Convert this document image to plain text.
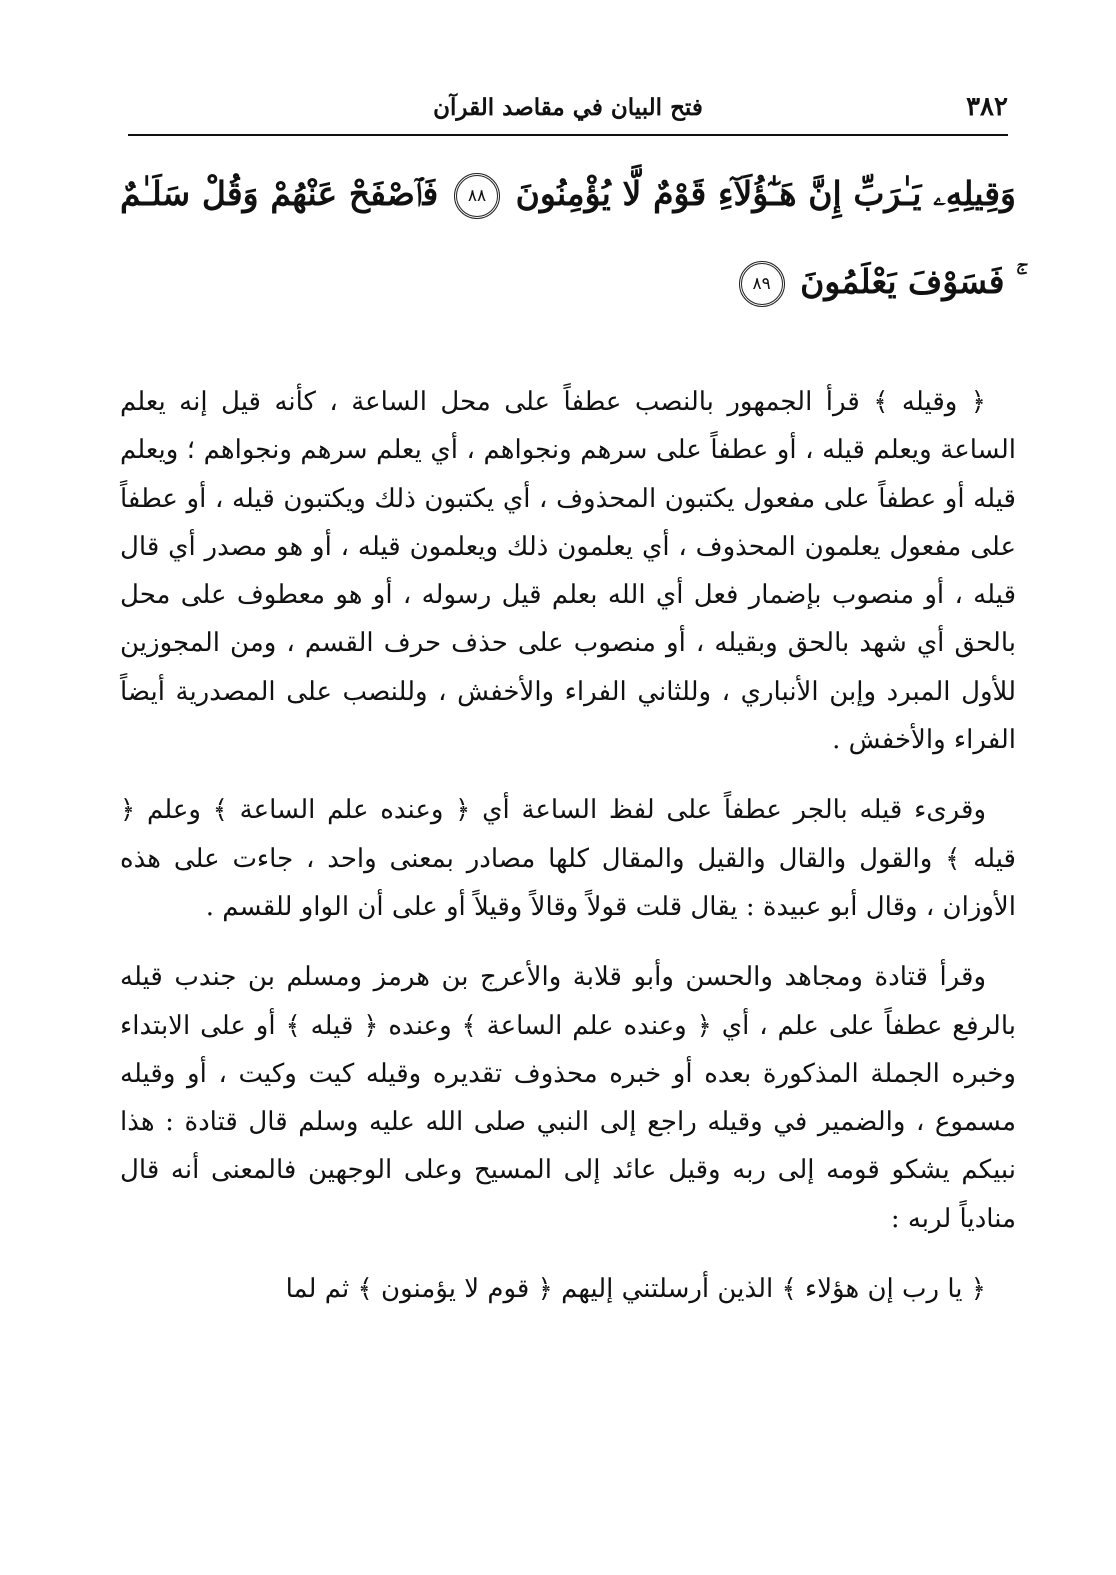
٣٨٢
فتح البيان في مقاصد القرآن
وَقِيلِهِۦ يَـٰرَبِّ إِنَّ هَـٰٓؤُلَآءِ قَوْمٌ لَّا يُؤْمِنُونَ ٨٨ فَٱصْفَحْ عَنْهُمْ وَقُلْ سَلَـٰمٌ ۚ فَسَوْفَ يَعْلَمُونَ ٨٩

﴿ وقيله ﴾ قرأ الجمهور بالنصب عطفاً على محل الساعة ، كأنه قيل إنه يعلم الساعة ويعلم قيله ، أو عطفاً على سرهم ونجواهم ، أي يعلم سرهم ونجواهم ؛ ويعلم قيله أو عطفاً على مفعول يكتبون المحذوف ، أي يكتبون ذلك ويكتبون قيله ، أو عطفاً على مفعول يعلمون المحذوف ، أي يعلمون ذلك ويعلمون قيله ، أو هو مصدر أي قال قيله ، أو منصوب بإضمار فعل أي الله بعلم قيل رسوله ، أو هو معطوف على محل بالحق أي شهد بالحق وبقيله ، أو منصوب على حذف حرف القسم ، ومن المجوزين للأول المبرد وإبن الأنباري ، وللثاني الفراء والأخفش ، وللنصب على المصدرية أيضاً الفراء والأخفش .

وقرىء قيله بالجر عطفاً على لفظ الساعة أي ﴿ وعنده علم الساعة ﴾ وعلم ﴿ قيله ﴾ والقول والقال والقيل والمقال كلها مصادر بمعنى واحد ، جاءت على هذه الأوزان ، وقال أبو عبيدة : يقال قلت قولاً وقالاً وقيلاً أو على أن الواو للقسم .

وقرأ قتادة ومجاهد والحسن وأبو قلابة والأعرج بن هرمز ومسلم بن جندب قيله بالرفع عطفاً على علم ، أي ﴿ وعنده علم الساعة ﴾ وعنده ﴿ قيله ﴾ أو على الابتداء وخبره الجملة المذكورة بعده أو خبره محذوف تقديره وقيله كيت وكيت ، أو وقيله مسموع ، والضمير في وقيله راجع إلى النبي صلى الله عليه وسلم قال قتادة : هذا نبيكم يشكو قومه إلى ربه وقيل عائد إلى المسيح وعلى الوجهين فالمعنى أنه قال منادياً لربه :

﴿ يا رب إن هؤلاء ﴾ الذين أرسلتني إليهم ﴿ قوم لا يؤمنون ﴾ ثم لما
